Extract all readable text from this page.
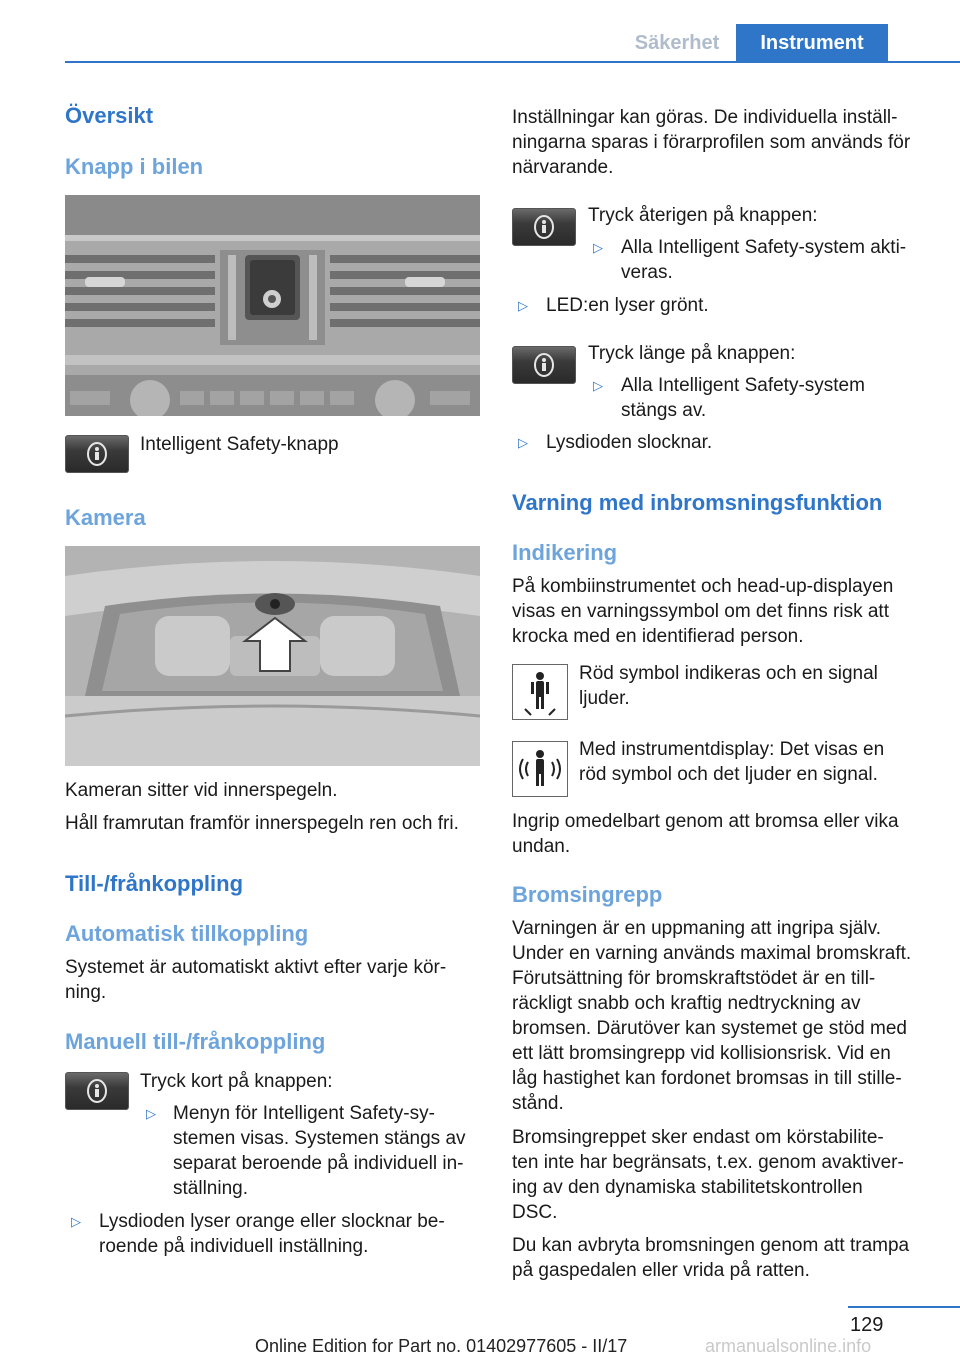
Säkerhet	Instrument
Översikt
Knapp i bilen
Intelligent Safety-knapp
Kamera
Kameran sitter vid innerspegeln.
Håll framrutan framför innerspegeln ren och fri.
Till-/frånkoppling
Automatisk tillkoppling
Systemet är automatiskt aktivt efter varje kör-
ning.
Manuell till-/frånkoppling
Tryck kort på knappen:
▷ Menyn för Intelligent Safety-sy-
stemen visas. Systemen stängs av
separat beroende på individuell in-
ställning.
▷ Lysdioden lyser orange eller slocknar be-
roende på individuell inställning.
Inställningar kan göras. De individuella inställ-
ningarna sparas i förarprofilen som används för
närvarande.
Tryck återigen på knappen:
▷ Alla Intelligent Safety-system akti-
veras.
▷ LED:en lyser grönt.
Tryck länge på knappen:
▷ Alla Intelligent Safety-system
stängs av.
▷ Lysdioden slocknar.
Varning med inbromsningsfunktion
Indikering
På kombiinstrumentet och head-up-displayen
visas en varningssymbol om det finns risk att
krocka med en identifierad person.
Röd symbol indikeras och en signal
ljuder.
Med instrumentdisplay: Det visas en
röd symbol och det ljuder en signal.
Ingrip omedelbart genom att bromsa eller vika
undan.
Bromsingrepp
Varningen är en uppmaning att ingripa själv.
Under en varning används maximal bromskraft.
Förutsättning för bromskraftstödet är en till-
räckligt snabb och kraftig nedtryckning av
bromsen. Därutöver kan systemet ge stöd med
ett lätt bromsingrepp vid kollisionsrisk. Vid en
låg hastighet kan fordonet bromsas in till stille-
stånd.
Bromsingreppet sker endast om körstabilite-
ten inte har begränsats, t.ex. genom avaktiver-
ing av den dynamiska stabilitetskontrollen
DSC.
Du kan avbryta bromsningen genom att trampa
på gaspedalen eller vrida på ratten.
129
Online Edition for Part no. 01402977605 - II/17	armanualsonline.info
